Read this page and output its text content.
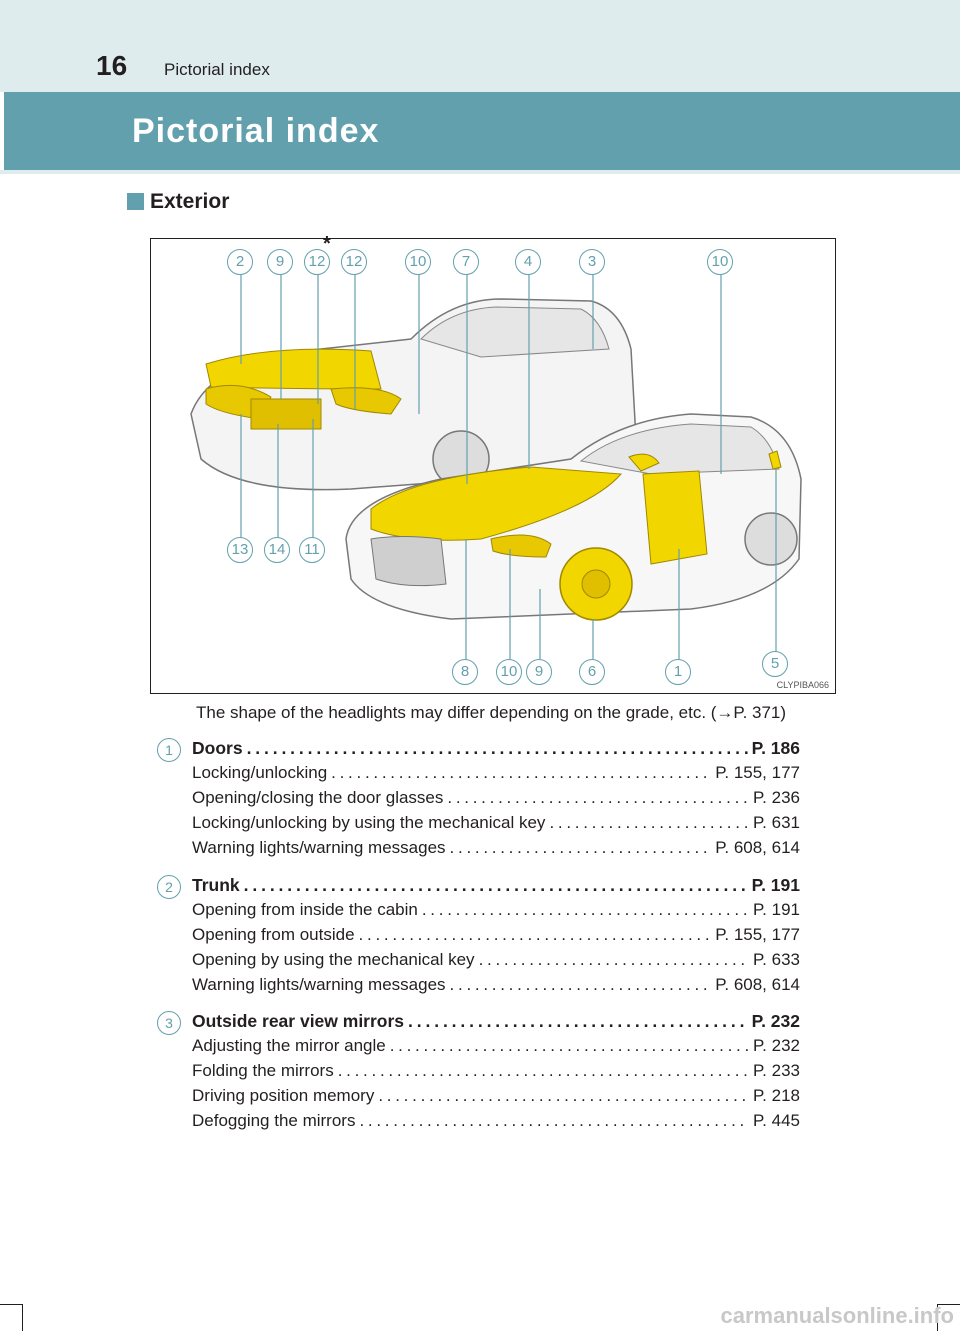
16 Pictorial index
Pictorial index
Exterior
2	9	12	12	10	7	4	3	10
*
13	14	11
8	10	9	6	1	5
CLYPIBA066
The shape of the headlights may differ depending on the grade, etc. (→P. 371)
1	Doors . . .	P. 186
Locking/unlocking . . .	P. 155, 177
Opening/closing the door glasses . . .	P. 236
Locking/unlocking by using the mechanical key . . .	P. 631
Warning lights/warning messages . . .	P. 608, 614
2	Trunk . . .	P. 191
Opening from inside the cabin . . .	P. 191
Opening from outside . . .	P. 155, 177
Opening by using the mechanical key . . .	P. 633
Warning lights/warning messages . . .	P. 608, 614
3	Outside rear view mirrors . . .	P. 232
Adjusting the mirror angle . . .	P. 232
Folding the mirrors . . .	P. 233
Driving position memory . . .	P. 218
Defogging the mirrors . . .	P. 445
carmanualsonline.info
